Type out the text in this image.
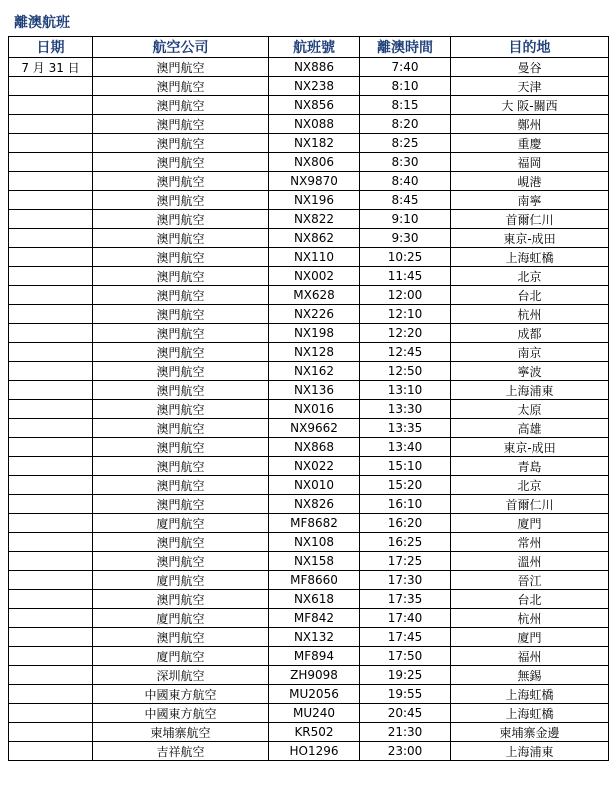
離澳航班
日期	航空公司	航班號	離澳時間	目的地
7 月 31 日	澳門航空	NX886	7:40	曼谷
	澳門航空	NX238	8:10	天津
	澳門航空	NX856	8:15	大 阪-關西
	澳門航空	NX088	8:20	鄭州
	澳門航空	NX182	8:25	重慶
	澳門航空	NX806	8:30	福岡
	澳門航空	NX9870	8:40	峴港
	澳門航空	NX196	8:45	南寧
	澳門航空	NX822	9:10	首爾仁川
	澳門航空	NX862	9:30	東京-成田
	澳門航空	NX110	10:25	上海虹橋
	澳門航空	NX002	11:45	北京
	澳門航空	MX628	12:00	台北
	澳門航空	NX226	12:10	杭州
	澳門航空	NX198	12:20	成都
	澳門航空	NX128	12:45	南京
	澳門航空	NX162	12:50	寧波
	澳門航空	NX136	13:10	上海浦東
	澳門航空	NX016	13:30	太原
	澳門航空	NX9662	13:35	高雄
	澳門航空	NX868	13:40	東京-成田
	澳門航空	NX022	15:10	青島
	澳門航空	NX010	15:20	北京
	澳門航空	NX826	16:10	首爾仁川
	廈門航空	MF8682	16:20	廈門
	澳門航空	NX108	16:25	常州
	澳門航空	NX158	17:25	溫州
	廈門航空	MF8660	17:30	晉江
	澳門航空	NX618	17:35	台北
	廈門航空	MF842	17:40	杭州
	澳門航空	NX132	17:45	廈門
	廈門航空	MF894	17:50	福州
	深圳航空	ZH9098	19:25	無錫
	中國東方航空	MU2056	19:55	上海虹橋
	中國東方航空	MU240	20:45	上海虹橋
	柬埔寨航空	KR502	21:30	柬埔寨金邊
	吉祥航空	HO1296	23:00	上海浦東
